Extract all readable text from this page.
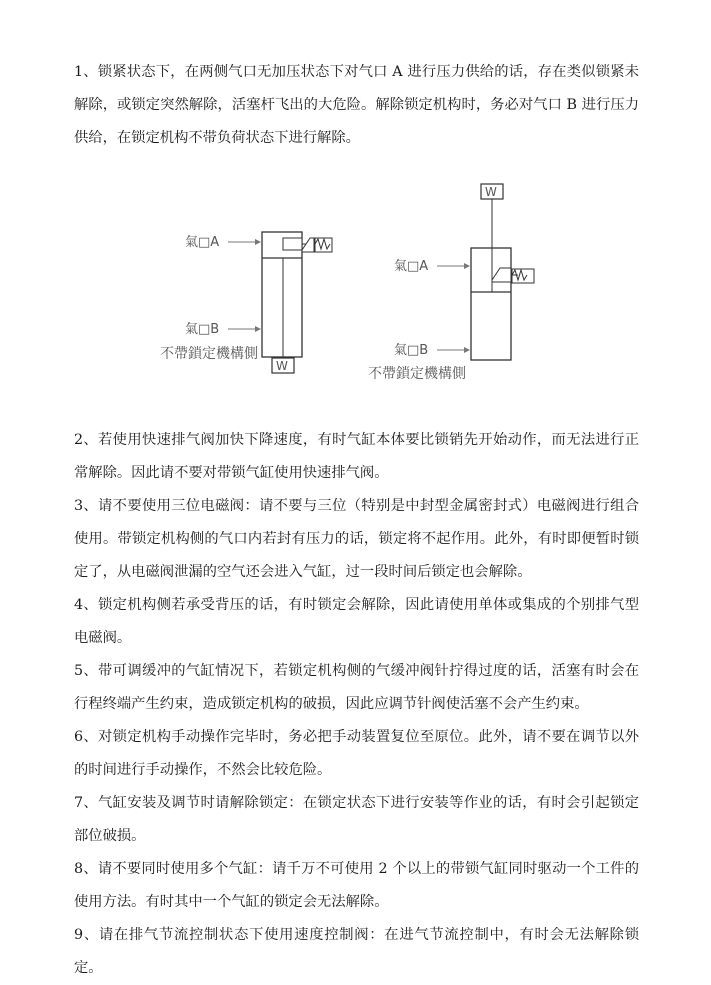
1、锁紧状态下，在两侧气口无加压状态下对气口 A 进行压力供给的话，存在类似锁紧未解除，或锁定突然解除，活塞杆飞出的大危险。解除锁定机构时，务必对气口 B 进行压力供给，在锁定机构不带负荷状态下进行解除。
氣□A
氣□B
不帶鎖定機構側
W
W
氣□A
氣□B
不帶鎖定機構側
2、若使用快速排气阀加快下降速度，有时气缸本体要比锁销先开始动作，而无法进行正常解除。因此请不要对带锁气缸使用快速排气阀。
3、请不要使用三位电磁阀：请不要与三位（特别是中封型金属密封式）电磁阀进行组合使用。带锁定机构侧的气口内若封有压力的话，锁定将不起作用。此外，有时即便暂时锁定了，从电磁阀泄漏的空气还会进入气缸，过一段时间后锁定也会解除。
4、锁定机构侧若承受背压的话，有时锁定会解除，因此请使用单体或集成的个别排气型电磁阀。
5、带可调缓冲的气缸情况下，若锁定机构侧的气缓冲阀针拧得过度的话，活塞有时会在行程终端产生约束，造成锁定机构的破损，因此应调节针阀使活塞不会产生约束。
6、对锁定机构手动操作完毕时，务必把手动装置复位至原位。此外，请不要在调节以外的时间进行手动操作，不然会比较危险。
7、气缸安装及调节时请解除锁定：在锁定状态下进行安装等作业的话，有时会引起锁定部位破损。
8、请不要同时使用多个气缸：请千万不可使用 2 个以上的带锁气缸同时驱动一个工件的使用方法。有时其中一个气缸的锁定会无法解除。
9、请在排气节流控制状态下使用速度控制阀：在进气节流控制中，有时会无法解除锁定。
